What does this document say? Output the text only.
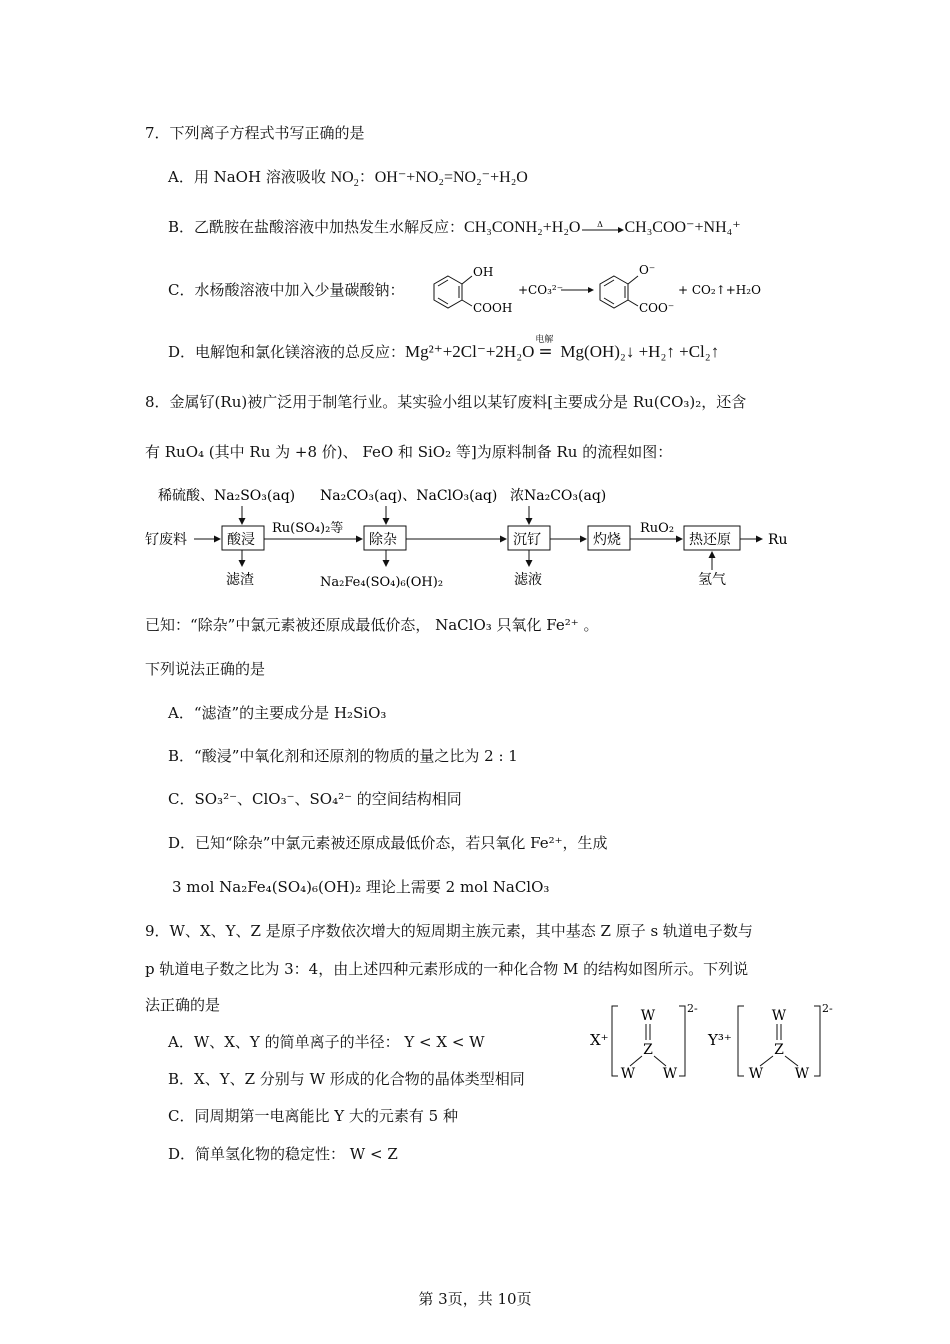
7．下列离子方程式书写正确的是
A．用 NaOH 溶液吸收 $NO_2$：OH⁻+NO₂=NO₂⁻+H₂O
B．乙酰胺在盐酸溶液中加热发生水解反应：CH₃CONH₂+H₂O Δ CH₃COO⁻+NH₄⁺
C．水杨酸溶液中加入少量碳酸钠：
OH
COOH
+CO₃²⁻
O⁻
COO⁻
+ CO₂↑+H₂O
D．电解饱和氯化镁溶液的总反应：Mg²⁺+2Cl⁻+2H₂O
电解
= Mg(OH)₂↓ +H₂↑ +Cl₂↑
8．金属钌(Ru)被广泛用于制笔行业。某实验小组以某钌废料[主要成分是 Ru(CO₃)₂，还含
有 RuO₄ (其中 Ru 为 +8 价)、 FeO 和 SiO₂ 等]为原料制备 Ru 的流程如图：
稀硫酸、Na₂SO₃(aq) Na₂CO₃(aq)、NaClO₃(aq) 浓Na₂CO₃(aq)
钌废料	酸浸
Ru(SO₄)₂等
除杂	沉钌	灼烧
RuO₂
热还原	Ru
滤渣	Na₂Fe₄(SO₄)₆(OH)₂	滤液	氢气
已知：“除杂”中氯元素被还原成最低价态， NaClO₃ 只氧化 Fe²⁺ 。
下列说法正确的是
A．“滤渣”的主要成分是 H₂SiO₃
B．“酸浸”中氧化剂和还原剂的物质的量之比为 2 : 1
C．SO₃²⁻、ClO₃⁻、SO₄²⁻ 的空间结构相同
D．已知“除杂”中氯元素被还原成最低价态，若只氧化 Fe²⁺，生成
3 mol Na₂Fe₄(SO₄)₆(OH)₂ 理论上需要 2 mol NaClO₃
9．W、X、Y、Z 是原子序数依次增大的短周期主族元素，其中基态 Z 原子 s 轨道电子数与
p 轨道电子数之比为 3：4，由上述四种元素形成的一种化合物 M 的结构如图所示。下列说
法正确的是
A．W、X、Y 的简单离子的半径： Y < X < W
B．X、Y、Z 分别与 W 形成的化合物的晶体类型相同
C．同周期第一电离能比 Y 大的元素有 5 种
D．简单氢化物的稳定性： W < Z
X⁺
2-
W
Z
W W
Y³⁺
2-
W
Z
W W
第 3页，共 10页
